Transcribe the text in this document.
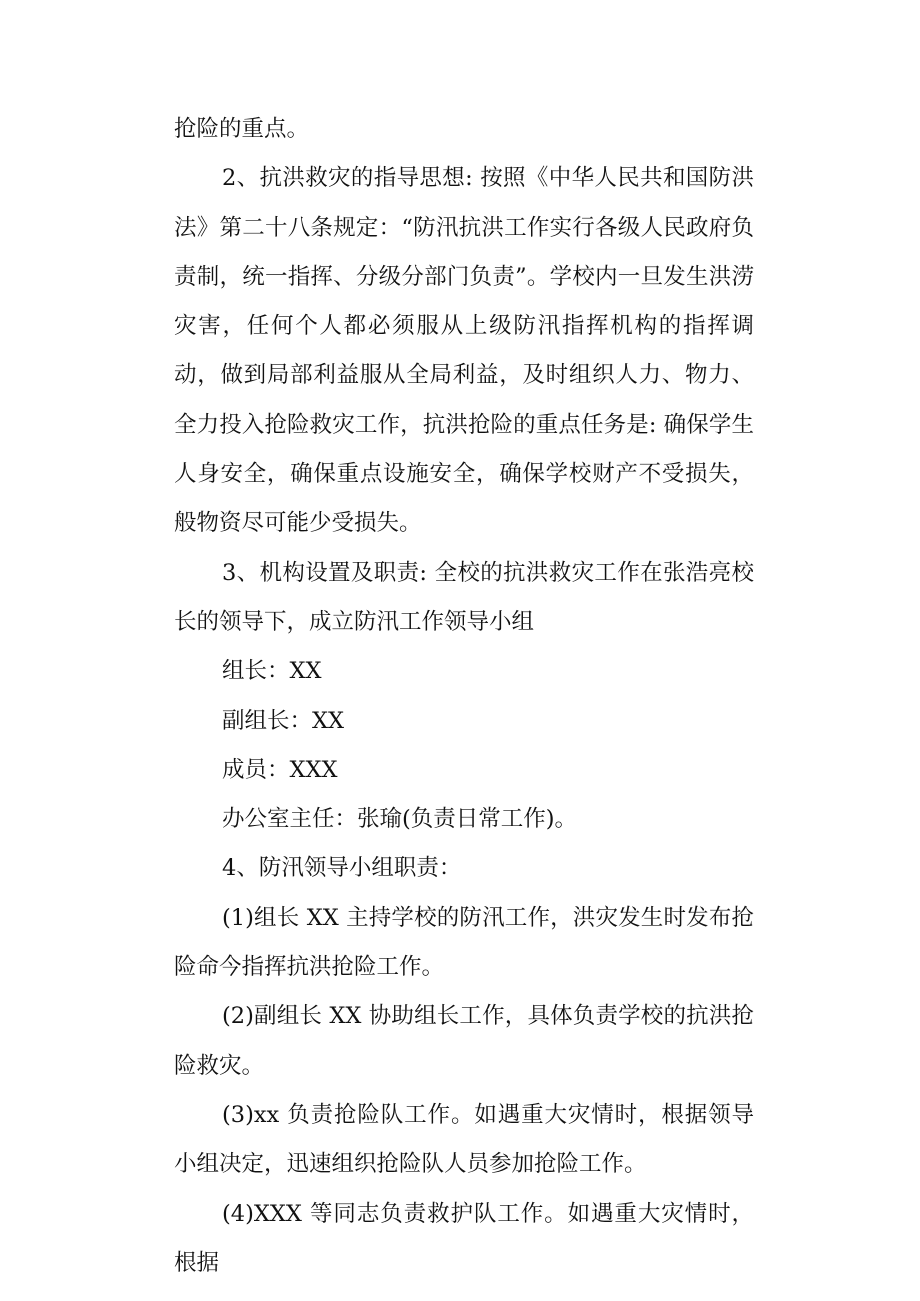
抢险的重点。

2、抗洪救灾的指导思想: 按照《中华人民共和国防洪法》第二十八条规定：“防汛抗洪工作实行各级人民政府负责制，统一指挥、分级分部门负责”。学校内一旦发生洪涝灾害，任何个人都必须服从上级防汛指挥机构的指挥调动，做到局部利益服从全局利益，及时组织人力、物力、全力投入抢险救灾工作，抗洪抢险的重点任务是: 确保学生人身安全，确保重点设施安全，确保学校财产不受损失，般物资尽可能少受损失。

3、机构设置及职责: 全校的抗洪救灾工作在张浩亮校长的领导下，成立防汛工作领导小组

组长：XX

副组长：XX

成员：XXX

办公室主任：张瑜(负责日常工作)。

4、防汛领导小组职责：

(1)组长 XX 主持学校的防汛工作，洪灾发生时发布抢险命今指挥抗洪抢险工作。

(2)副组长 XX 协助组长工作，具体负责学校的抗洪抢险救灾。

(3)xx 负责抢险队工作。如遇重大灾情时，根据领导小组决定，迅速组织抢险队人员参加抢险工作。

(4)XXX 等同志负责救护队工作。如遇重大灾情时，根据
